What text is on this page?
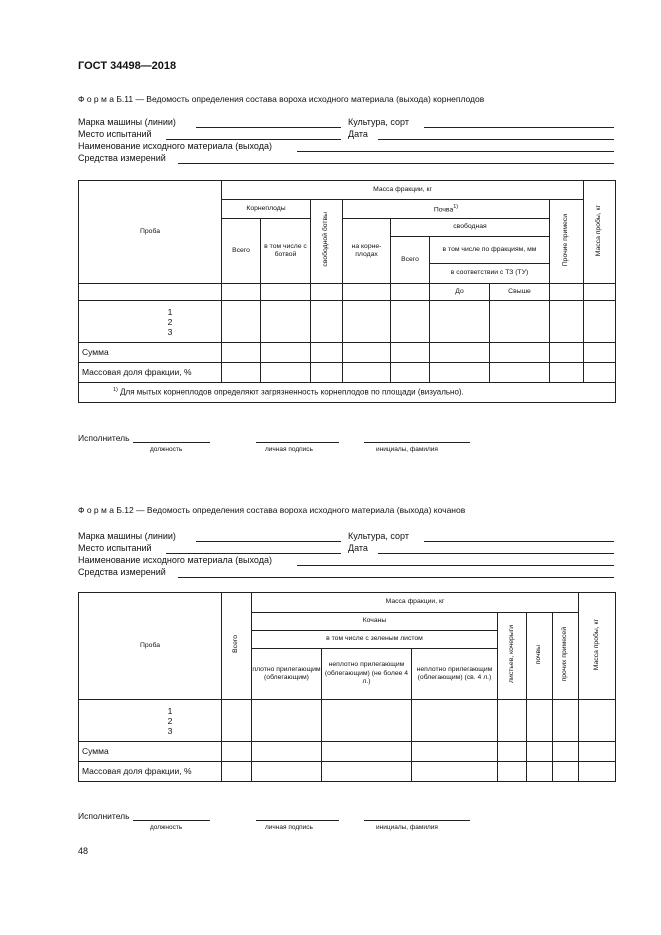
ГОСТ 34498—2018
Ф о р м а Б.11 — Ведомость определения состава вороха исходного материала (выхода) корнеплодов
Марка машины (линии)	Культура, сорт
Место испытаний	Дата
Наименование исходного материала (выхода)
Средства измерений
Проба	Масса фракции, кг								Масса пробы, кг
	Корнеплоды		свободной ботвы	Почва$^{1)}$				Прочие примеси	
	Всего	в том числе с ботвой		на корне-плодах	свободная				
					Всего	в том числе по фракциям, мм			
						в соответствии с ТЗ (ТУ)			
						До	Свыше		

1
2
3									

Сумма									
Массовая доля фракции, %									
$^{1)}$ Для мытых корнеплодов определяют загрязненность корнеплодов по площади (визуально).									
Исполнитель
должность	личная подпись	инициалы, фамилия
Ф о р м а Б.12 — Ведомость определения состава вороха исходного материала (выхода) кочанов
Марка машины (линии)	Культура, сорт
Место испытаний	Дата
Наименование исходного материала (выхода)
Средства измерений
Проба	Всего	Масса фракции, кг						Масса пробы, кг
		Кочаны			листьев, кочерыги	почвы	прочих примесей	
		в том числе с зеленым листом						
		плотно прилегающим (облегающим)	неплотно прилегающим (облегающим) (не более 4 л.)	неплотно прилегающим (облегающим) (св. 4 л.)				

1
2
3								

Сумма								
Массовая доля фракции, %								
Исполнитель
должность	личная подпись	инициалы, фамилия
48
